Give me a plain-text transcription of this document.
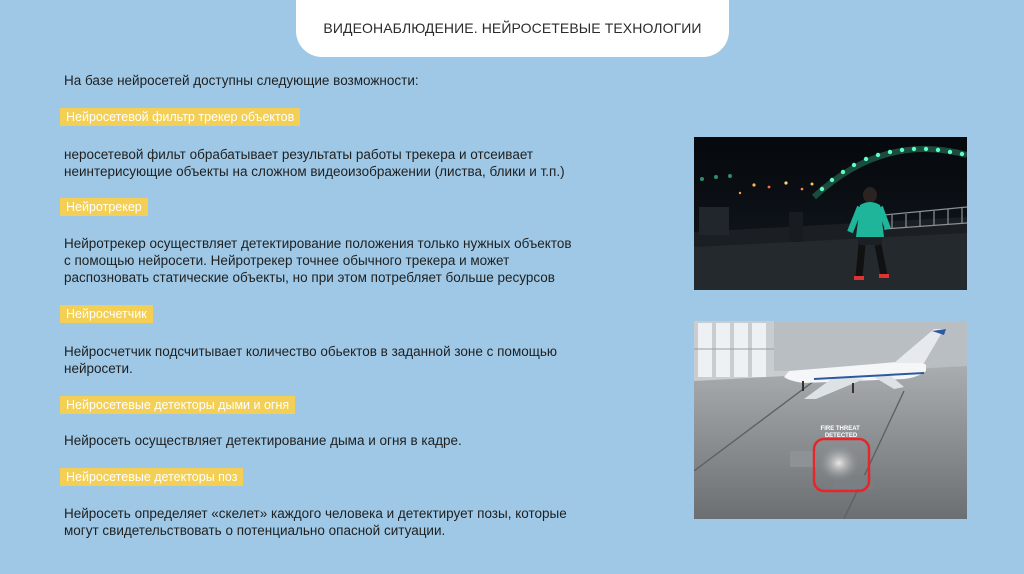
ВИДЕОНАБЛЮДЕНИЕ. НЕЙРОСЕТЕВЫЕ ТЕХНОЛОГИИ
На базе нейросетей доступны следующие возможности:
Нейросетевой фильтр трекер объектов
неросетевой фильт обрабатывает результаты работы трекера и отсеивает
неинтерисующие объекты на сложном видеоизображении (листва, блики и т.п.)
Нейротрекер
Нейротрекер осуществляет детектирование положения только нужных объектов
с помощью нейросети. Нейротрекер точнее обычного трекера и может
распозновать статические объекты, но при этом потребляет больше ресурсов
Нейросчетчик
Нейросчетчик подсчитывает количество обьектов в заданной зоне с помощью
нейросети.
Нейросетевые детекторы дыми и огня
Нейросеть осуществляет детектирование дыма и огня в кадре.
Нейросетевые детекторы поз
Нейросеть определяет «скелет» каждого человека и детектирует позы, которые
могут свидетельствовать о потенциально опасной ситуации.
FIRE THREAT DETECTED
